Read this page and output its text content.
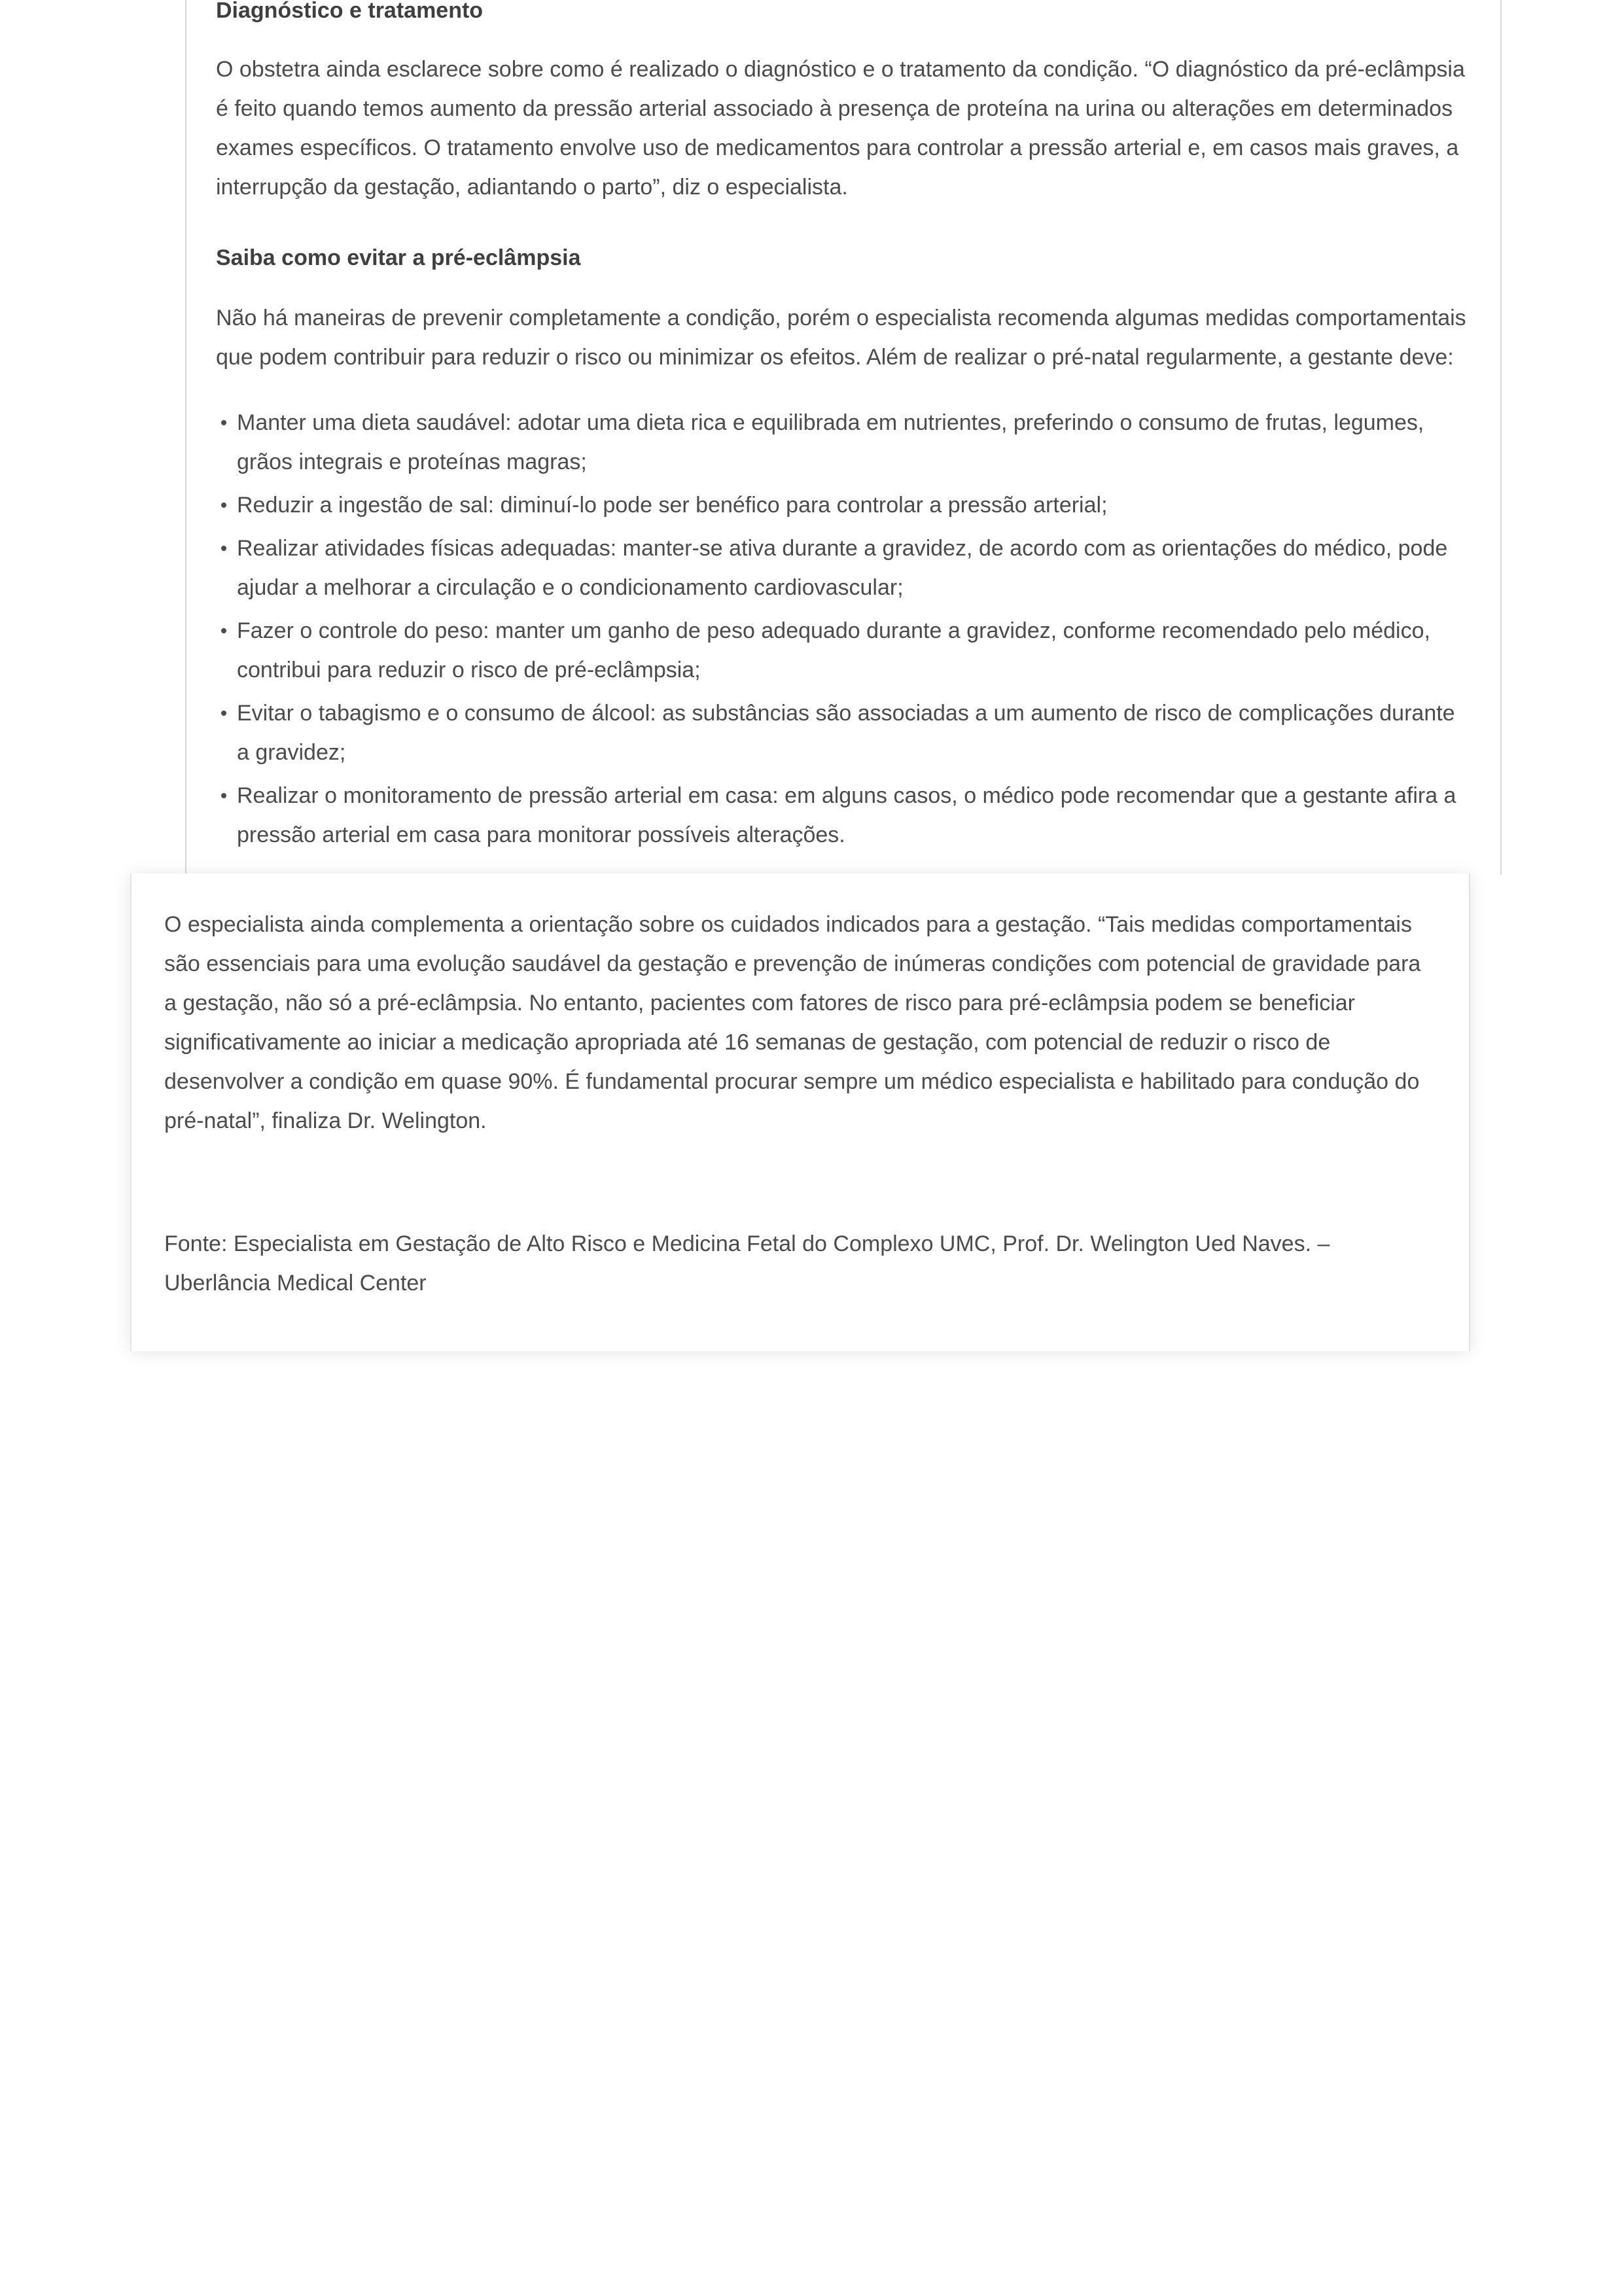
Diagnóstico e tratamento

O obstetra ainda esclarece sobre como é realizado o diagnóstico e o tratamento da condição. “O diagnóstico da pré-eclâmpsia é feito quando temos aumento da pressão arterial associado à presença de proteína na urina ou alterações em determinados exames específicos. O tratamento envolve uso de medicamentos para controlar a pressão arterial e, em casos mais graves, a interrupção da gestação, adiantando o parto”, diz o especialista.

Saiba como evitar a pré-eclâmpsia

Não há maneiras de prevenir completamente a condição, porém o especialista recomenda algumas medidas comportamentais que podem contribuir para reduzir o risco ou minimizar os efeitos. Além de realizar o pré-natal regularmente, a gestante deve:

Manter uma dieta saudável: adotar uma dieta rica e equilibrada em nutrientes, preferindo o consumo de frutas, legumes, grãos integrais e proteínas magras;
Reduzir a ingestão de sal: diminuí-lo pode ser benéfico para controlar a pressão arterial;
Realizar atividades físicas adequadas: manter-se ativa durante a gravidez, de acordo com as orientações do médico, pode ajudar a melhorar a circulação e o condicionamento cardiovascular;
Fazer o controle do peso: manter um ganho de peso adequado durante a gravidez, conforme recomendado pelo médico, contribui para reduzir o risco de pré-eclâmpsia;
Evitar o tabagismo e o consumo de álcool: as substâncias são associadas a um aumento de risco de complicações durante a gravidez;
Realizar o monitoramento de pressão arterial em casa: em alguns casos, o médico pode recomendar que a gestante afira a pressão arterial em casa para monitorar possíveis alterações.

O especialista ainda complementa a orientação sobre os cuidados indicados para a gestação. “Tais medidas comportamentais são essenciais para uma evolução saudável da gestação e prevenção de inúmeras condições com potencial de gravidade para a gestação, não só a pré-eclâmpsia. No entanto, pacientes com fatores de risco para pré-eclâmpsia podem se beneficiar significativamente ao iniciar a medicação apropriada até 16 semanas de gestação, com potencial de reduzir o risco de desenvolver a condição em quase 90%. É fundamental procurar sempre um médico especialista e habilitado para condução do pré-natal”, finaliza Dr. Welington.

Fonte: Especialista em Gestação de Alto Risco e Medicina Fetal do Complexo UMC, Prof. Dr. Welington Ued Naves. – Uberlância Medical Center
